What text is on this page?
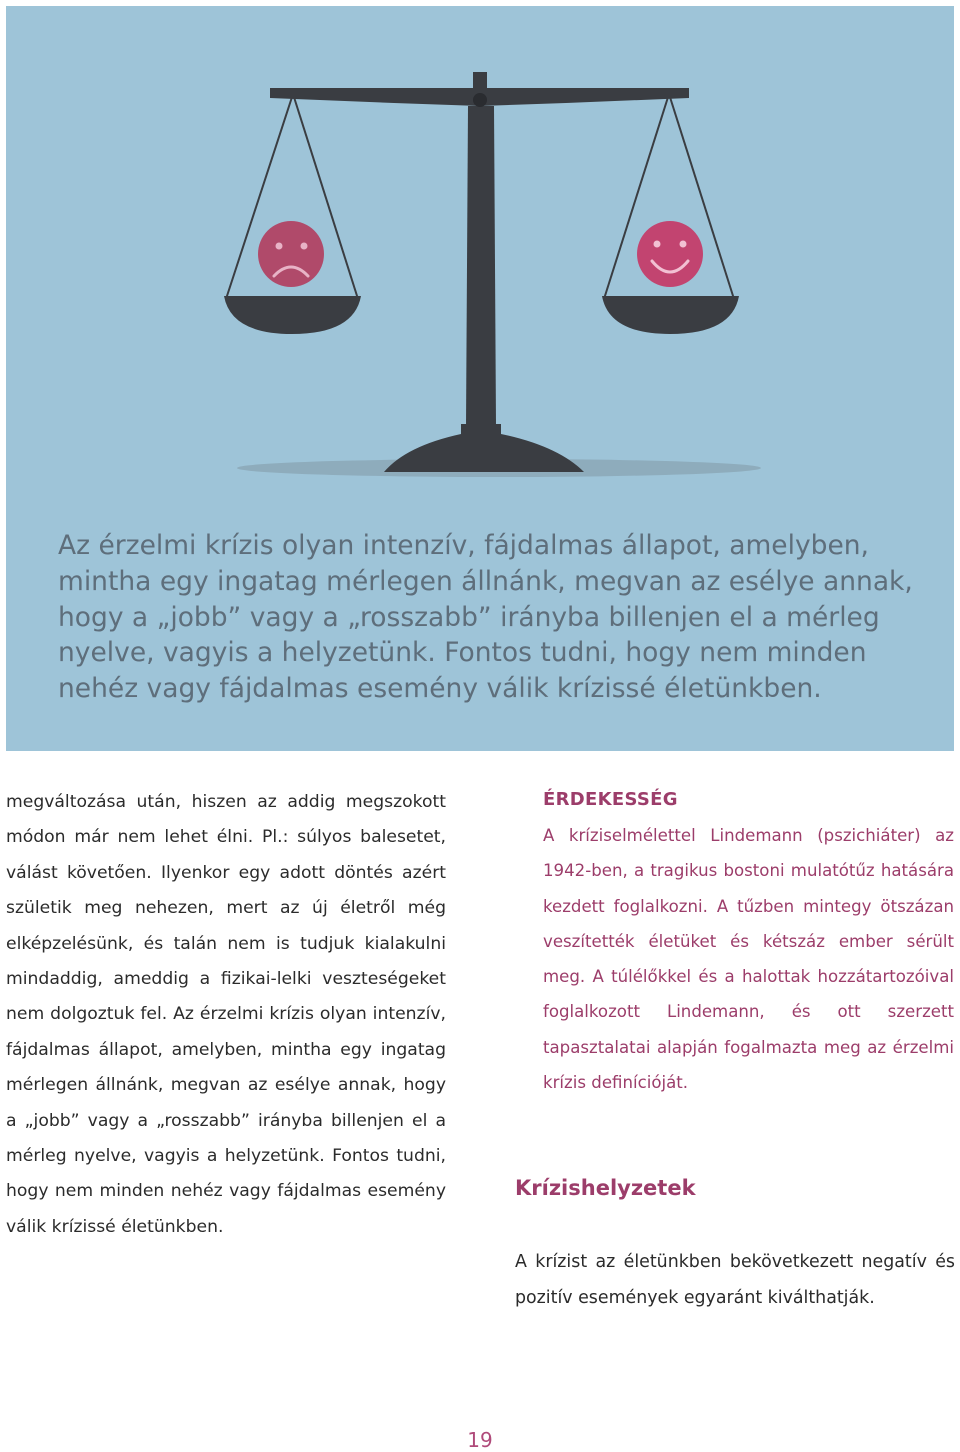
Az érzelmi krízis olyan intenzív, fájdalmas állapot, amelyben, mintha egy ingatag mérlegen állnánk, megvan az esélye annak, hogy a „jobb” vagy a „rosszabb” irányba billenjen el a mérleg nyelve, vagyis a helyzetünk. Fontos tudni, hogy nem minden nehéz vagy fájdalmas esemény válik krízissé életünkben.

megváltozása után, hiszen az addig megszokott módon már nem lehet élni. Pl.: súlyos balesetet, válást követően. Ilyenkor egy adott döntés azért születik meg nehezen, mert az új életről még elképzelésünk, és talán nem is tudjuk kialakulni mindaddig, ameddig a fizikai-lelki veszteségeket nem dolgoztuk fel. Az érzelmi krízis olyan intenzív, fájdalmas állapot, amelyben, mintha egy ingatag mérlegen állnánk, megvan az esélye annak, hogy a „jobb” vagy a „rosszabb” irányba billenjen el a mérleg nyelve, vagyis a helyzetünk. Fontos tudni, hogy nem minden nehéz vagy fájdalmas esemény válik krízissé életünkben.

ÉRDEKESSÉG

A kríziselmélettel Lindemann (pszichiáter) az 1942-ben, a tragikus bostoni mulatótűz hatására kezdett foglalkozni. A tűzben mintegy ötszázan veszítették életüket és kétszáz ember sérült meg. A túlélőkkel és a halottak hozzátartozóival foglalkozott Lindemann, és ott szerzett tapasztalatai alapján fogalmazta meg az érzelmi krízis definícióját.

Krízishelyzetek

A krízist az életünkben bekövetkezett negatív és pozitív események egyaránt kiválthatják.

19
